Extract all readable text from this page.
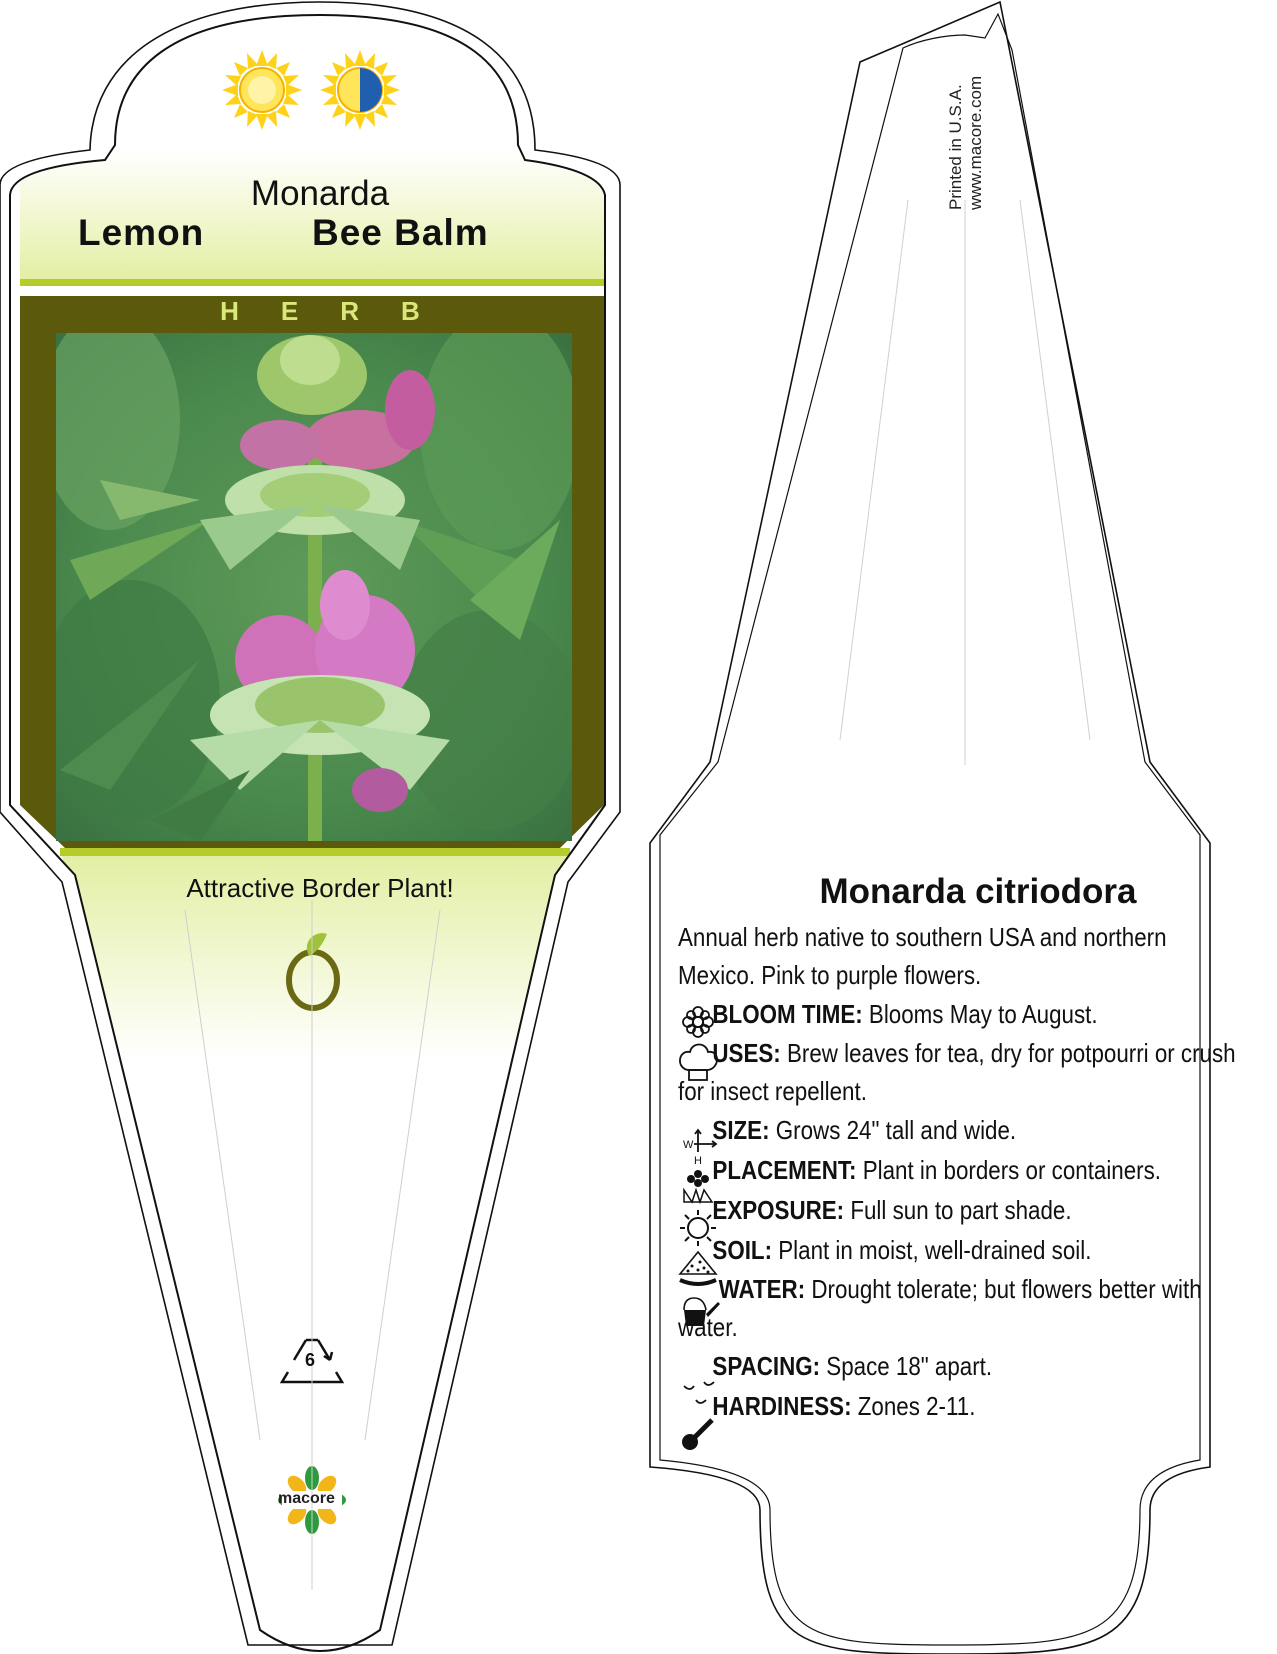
W
H
Monarda
Lemon	Bee Balm
HERB
Attractive Border Plant!
6
macore
Printed in U.S.A. www.macore.com
Monarda citriodora
Annual herb native to southern USA and northern Mexico. Pink to purple flowers.
BLOOM TIME: Blooms May to August.
USES: Brew leaves for tea, dry for potpourri or crush for insect repellent.
SIZE: Grows 24" tall and wide.
PLACEMENT: Plant in borders or containers.
EXPOSURE: Full sun to part shade.
SOIL: Plant in moist, well-drained soil.
WATER: Drought tolerate; but flowers better with water.
SPACING: Space 18" apart.
HARDINESS: Zones 2-11.
